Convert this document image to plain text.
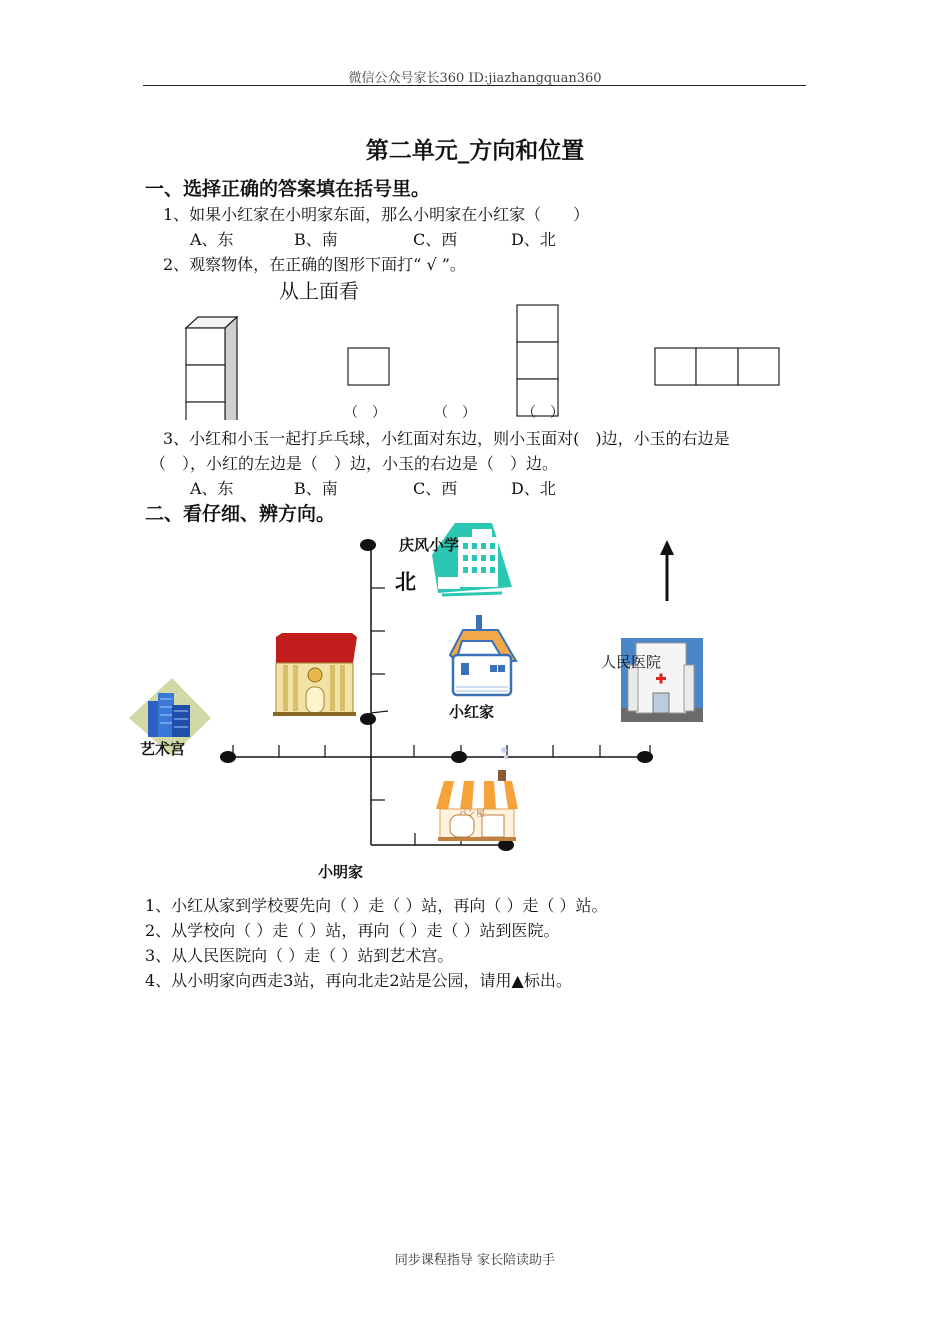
微信公众号家长360 ID:jiazhangquan360
第二单元_方向和位置
一、选择正确的答案填在括号里。
1、如果小红家在小明家东面，那么小明家在小红家（　　）
A、东	B、南	C、西	D、北
2、观察物体，在正确的图形下面打“ √ ”。
从上面看
（　）	（　）	（　）
3、小红和小玉一起打乒乓球，小红面对东边，则小玉面对(　)边，小玉的右边是
（　），小红的左边是（　）边，小玉的右边是（　）边。
A、东	B、南	C、西	D、北
二、看仔细、辨方向。
庆风小学
北
人民医院
小红家
艺术宫
パン屋
小明家
1、小红从家到学校要先向（ ）走（ ）站，再向（ ）走（ ）站。
2、从学校向（ ）走（ ）站，再向（ ）走（ ）站到医院。
3、从人民医院向（ ）走（ ）站到艺术宫。
4、从小明家向西走3站，再向北走2站是公园，请用▲标出。
同步课程指导 家长陪读助手
